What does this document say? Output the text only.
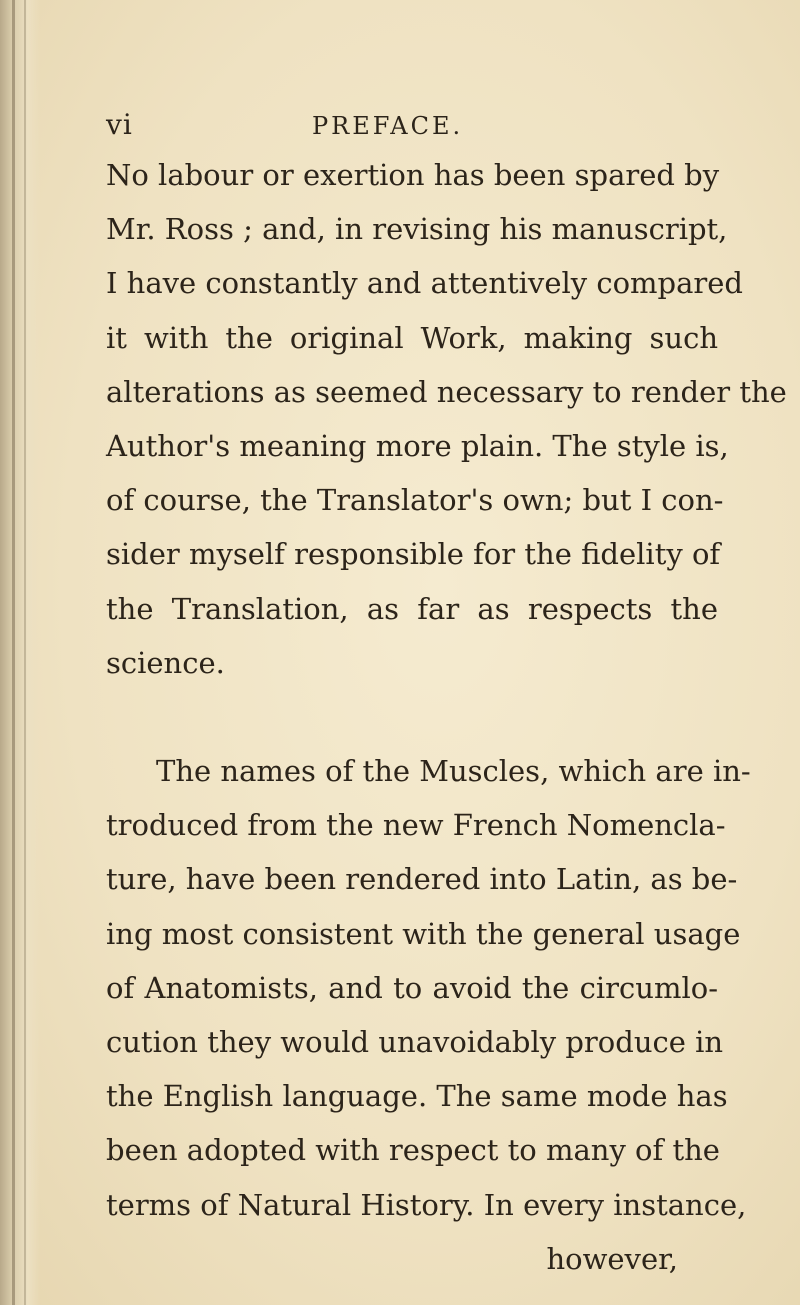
vi	PREFACE.
No labour or exertion has been spared by
Mr. Ross ; and, in revising his manuscript,
I have constantly and attentively compared
it with the original Work, making such
alterations as seemed necessary to render the
Author's meaning more plain. The style is,
of course, the Translator's own; but I con-
sider myself responsible for the fidelity of
the Translation, as far as respects the
science.
The names of the Muscles, which are in-
troduced from the new French Nomencla-
ture, have been rendered into Latin, as be-
ing most consistent with the general usage
of Anatomists, and to avoid the circumlo-
cution they would unavoidably produce in
the English language. The same mode has
been adopted with respect to many of the
terms of Natural History. In every instance,
however,
